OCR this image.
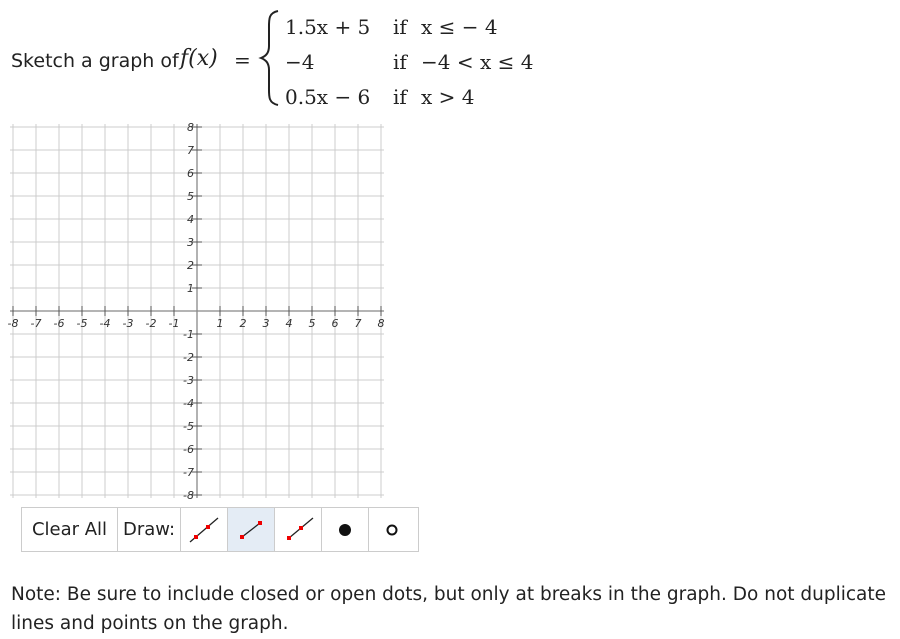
Sketch a graph of f(x) =
1.5x + 5 if x ≤ − 4
−4	if −4 < x ≤ 4
0.5x − 6 if x > 4
-8 -7 -6 -5 -4 -3 -2 -1	1 2 3 4 5 6 7 8
8
7
6
5
4
3
2
1
-1
-2
-3
-4
-5
-6
-7
-8
Clear All Draw:
Note: Be sure to include closed or open dots, but only at breaks in the graph. Do not duplicate lines and points on the graph.
